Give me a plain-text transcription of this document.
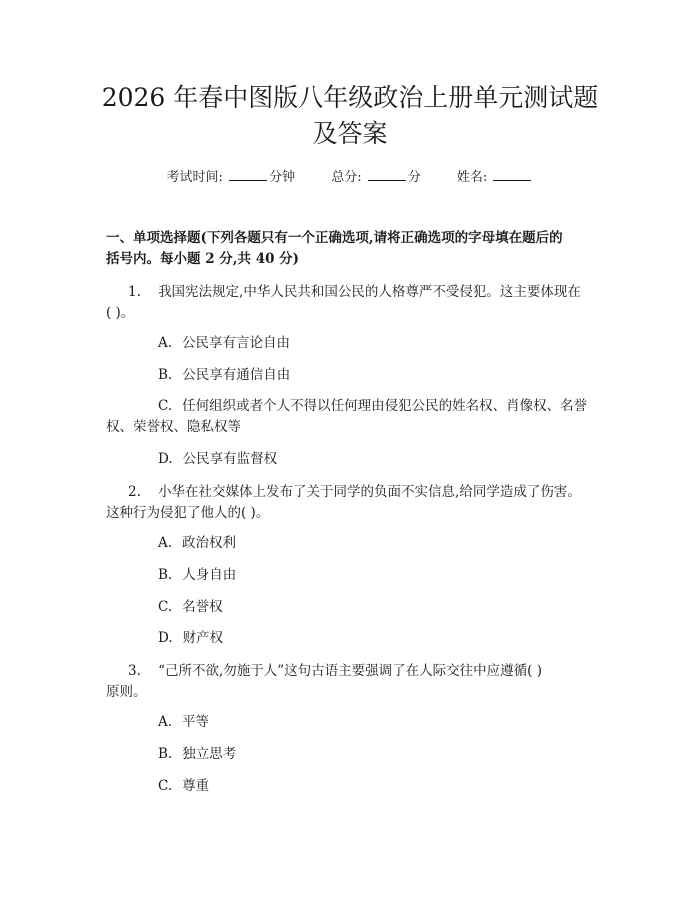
2026 年春中图版八年级政治上册单元测试题
及答案
考试时间:	分钟	总分:	分	姓名:
一、单项选择题(下列各题只有一个正确选项,请将正确选项的字母填在题后的
括号内。每小题 2 分,共 40 分)
1. 我国宪法规定,中华人民共和国公民的人格尊严不受侵犯。这主要体现在
( )。
A. 公民享有言论自由
B. 公民享有通信自由
C. 任何组织或者个人不得以任何理由侵犯公民的姓名权、肖像权、名誉
权、荣誉权、隐私权等
D. 公民享有监督权
2. 小华在社交媒体上发布了关于同学的负面不实信息,给同学造成了伤害。
这种行为侵犯了他人的( )。
A. 政治权利
B. 人身自由
C. 名誉权
D. 财产权
3. “己所不欲,勿施于人”这句古语主要强调了在人际交往中应遵循( )
原则。
A. 平等
B. 独立思考
C. 尊重
